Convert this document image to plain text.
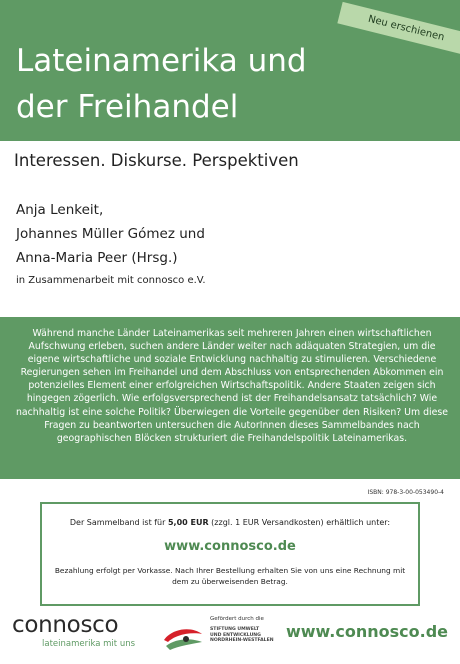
Lateinamerika und
der Freihandel
Neu erschienen
Interessen. Diskurse. Perspektiven
Anja Lenkeit,
Johannes Müller Gómez und
Anna-Maria Peer (Hrsg.)
in Zusammenarbeit mit connosco e.V.

Während manche Länder Lateinamerikas seit mehreren Jahren einen wirtschaftlichen Aufschwung erleben, suchen andere Länder weiter nach adäquaten Strategien, um die eigene wirtschaftliche und soziale Entwicklung nachhaltig zu stimulieren. Verschiedene Regierungen sehen im Freihandel und dem Abschluss von entsprechenden Abkommen ein potenzielles Element einer erfolgreichen Wirtschaftspolitik. Andere Staaten zeigen sich hingegen zögerlich. Wie erfolgsversprechend ist der Freihandelsansatz tatsächlich? Wie nachhaltig ist eine solche Politik? Überwiegen die Vorteile gegenüber den Risiken? Um diese Fragen zu beantworten untersuchen die AutorInnen dieses Sammelbandes nach geographischen Blöcken strukturiert die Freihandelspolitik Lateinamerikas.

ISBN: 978-3-00-053490-4
Der Sammelband ist für 5,00 EUR (zzgl. 1 EUR Versandkosten) erhältlich unter:
www.connosco.de
Bezahlung erfolgt per Vorkasse. Nach Ihrer Bestellung erhalten Sie von uns eine Rechnung mit dem zu überweisenden Betrag.
connosco
lateinamerika mit uns
Gefördert durch die
STIFTUNG UMWELT
UND ENTWICKLUNG
NORDRHEIN-WESTFALEN www.connosco.de
